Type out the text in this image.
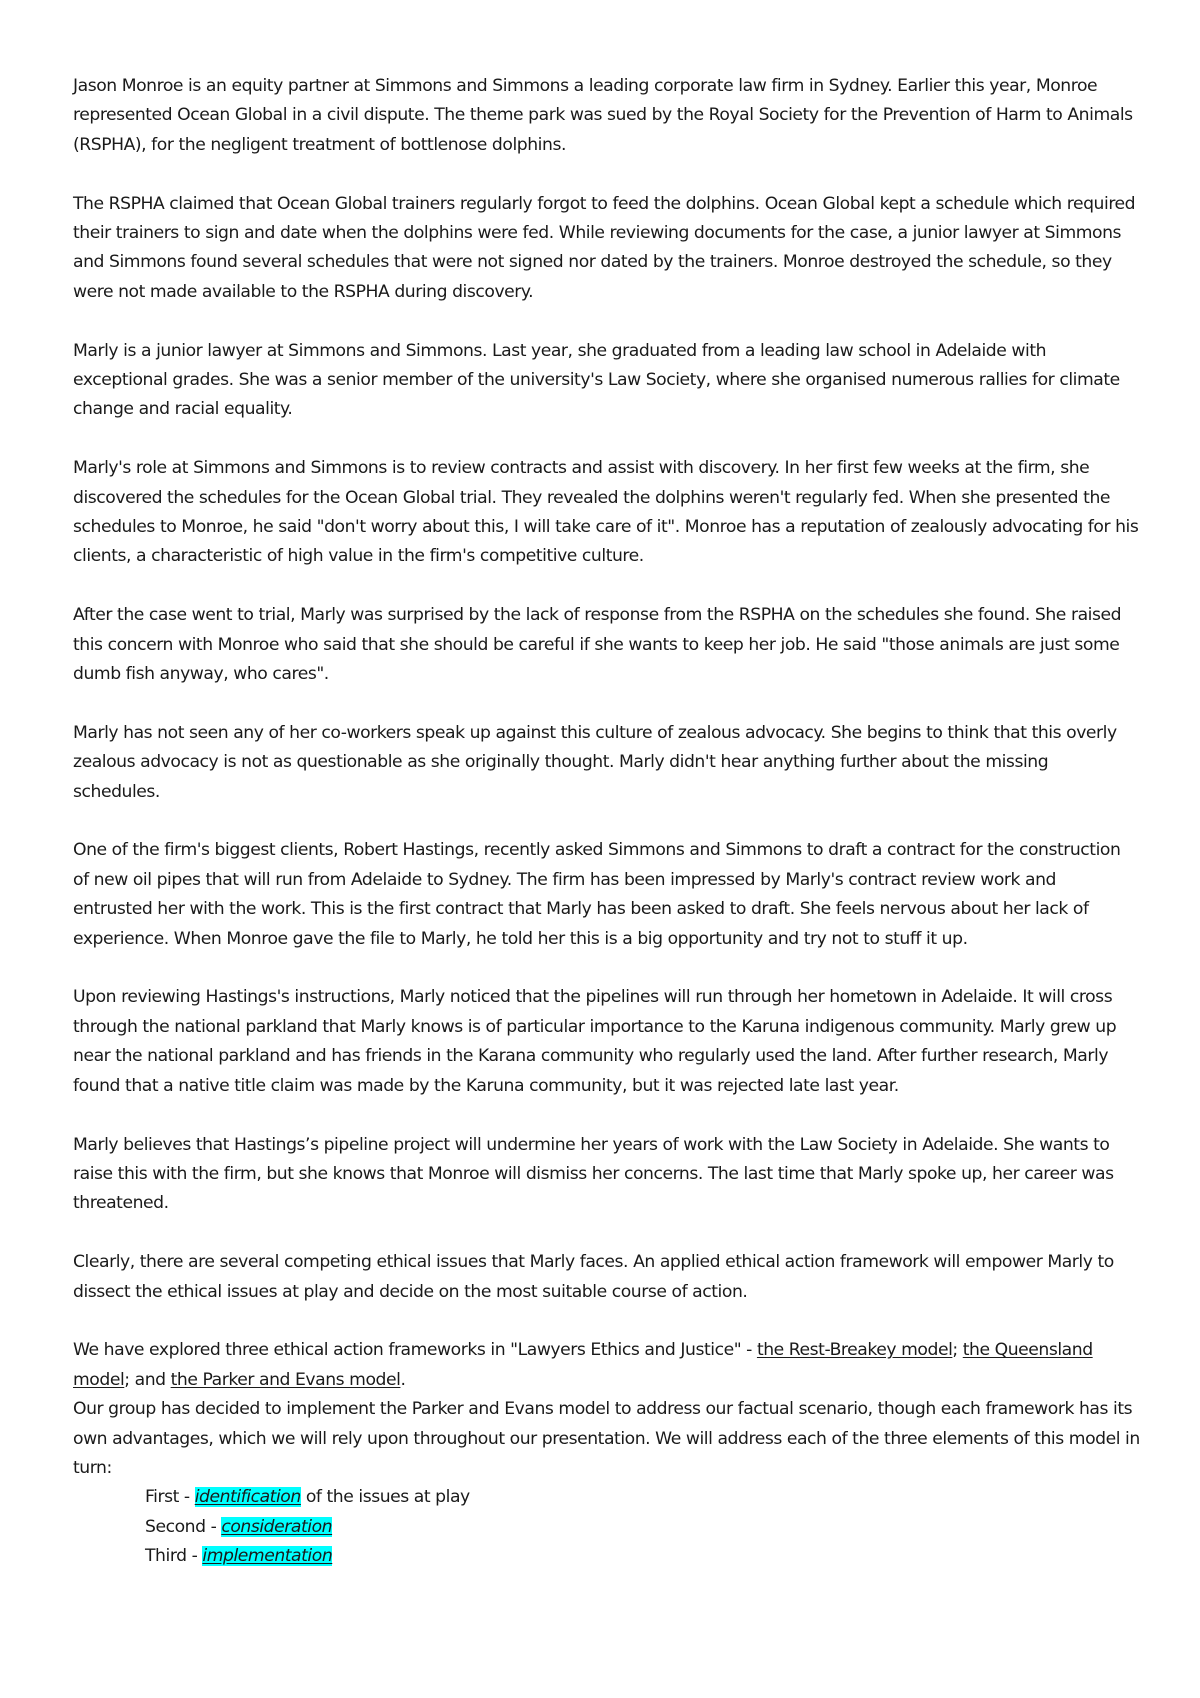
Jason Monroe is an equity partner at Simmons and Simmons a leading corporate law firm in Sydney. Earlier this year, Monroe represented Ocean Global in a civil dispute. The theme park was sued by the Royal Society for the Prevention of Harm to Animals (RSPHA), for the negligent treatment of bottlenose dolphins.

The RSPHA claimed that Ocean Global trainers regularly forgot to feed the dolphins. Ocean Global kept a schedule which required their trainers to sign and date when the dolphins were fed. While reviewing documents for the case, a junior lawyer at Simmons and Simmons found several schedules that were not signed nor dated by the trainers. Monroe destroyed the schedule, so they were not made available to the RSPHA during discovery.

Marly is a junior lawyer at Simmons and Simmons. Last year, she graduated from a leading law school in Adelaide with exceptional grades. She was a senior member of the university's Law Society, where she organised numerous rallies for climate change and racial equality.

Marly's role at Simmons and Simmons is to review contracts and assist with discovery. In her first few weeks at the firm, she discovered the schedules for the Ocean Global trial. They revealed the dolphins weren't regularly fed. When she presented the schedules to Monroe, he said "don't worry about this, I will take care of it". Monroe has a reputation of zealously advocating for his clients, a characteristic of high value in the firm's competitive culture.

After the case went to trial, Marly was surprised by the lack of response from the RSPHA on the schedules she found. She raised this concern with Monroe who said that she should be careful if she wants to keep her job. He said "those animals are just some dumb fish anyway, who cares".

Marly has not seen any of her co-workers speak up against this culture of zealous advocacy. She begins to think that this overly zealous advocacy is not as questionable as she originally thought. Marly didn't hear anything further about the missing schedules.

One of the firm's biggest clients, Robert Hastings, recently asked Simmons and Simmons to draft a contract for the construction of new oil pipes that will run from Adelaide to Sydney. The firm has been impressed by Marly's contract review work and entrusted her with the work. This is the first contract that Marly has been asked to draft. She feels nervous about her lack of experience. When Monroe gave the file to Marly, he told her this is a big opportunity and try not to stuff it up.

Upon reviewing Hastings's instructions, Marly noticed that the pipelines will run through her hometown in Adelaide. It will cross through the national parkland that Marly knows is of particular importance to the Karuna indigenous community. Marly grew up near the national parkland and has friends in the Karana community who regularly used the land. After further research, Marly found that a native title claim was made by the Karuna community, but it was rejected late last year.

Marly believes that Hastings’s pipeline project will undermine her years of work with the Law Society in Adelaide. She wants to raise this with the firm, but she knows that Monroe will dismiss her concerns. The last time that Marly spoke up, her career was threatened.

Clearly, there are several competing ethical issues that Marly faces. An applied ethical action framework will empower Marly to dissect the ethical issues at play and decide on the most suitable course of action.

We have explored three ethical action frameworks in "Lawyers Ethics and Justice" - the Rest-Breakey model; the Queensland model; and the Parker and Evans model.

Our group has decided to implement the Parker and Evans model to address our factual scenario, though each framework has its own advantages, which we will rely upon throughout our presentation. We will address each of the three elements of this model in turn:

First - identification of the issues at play
Second - consideration
Third - implementation
